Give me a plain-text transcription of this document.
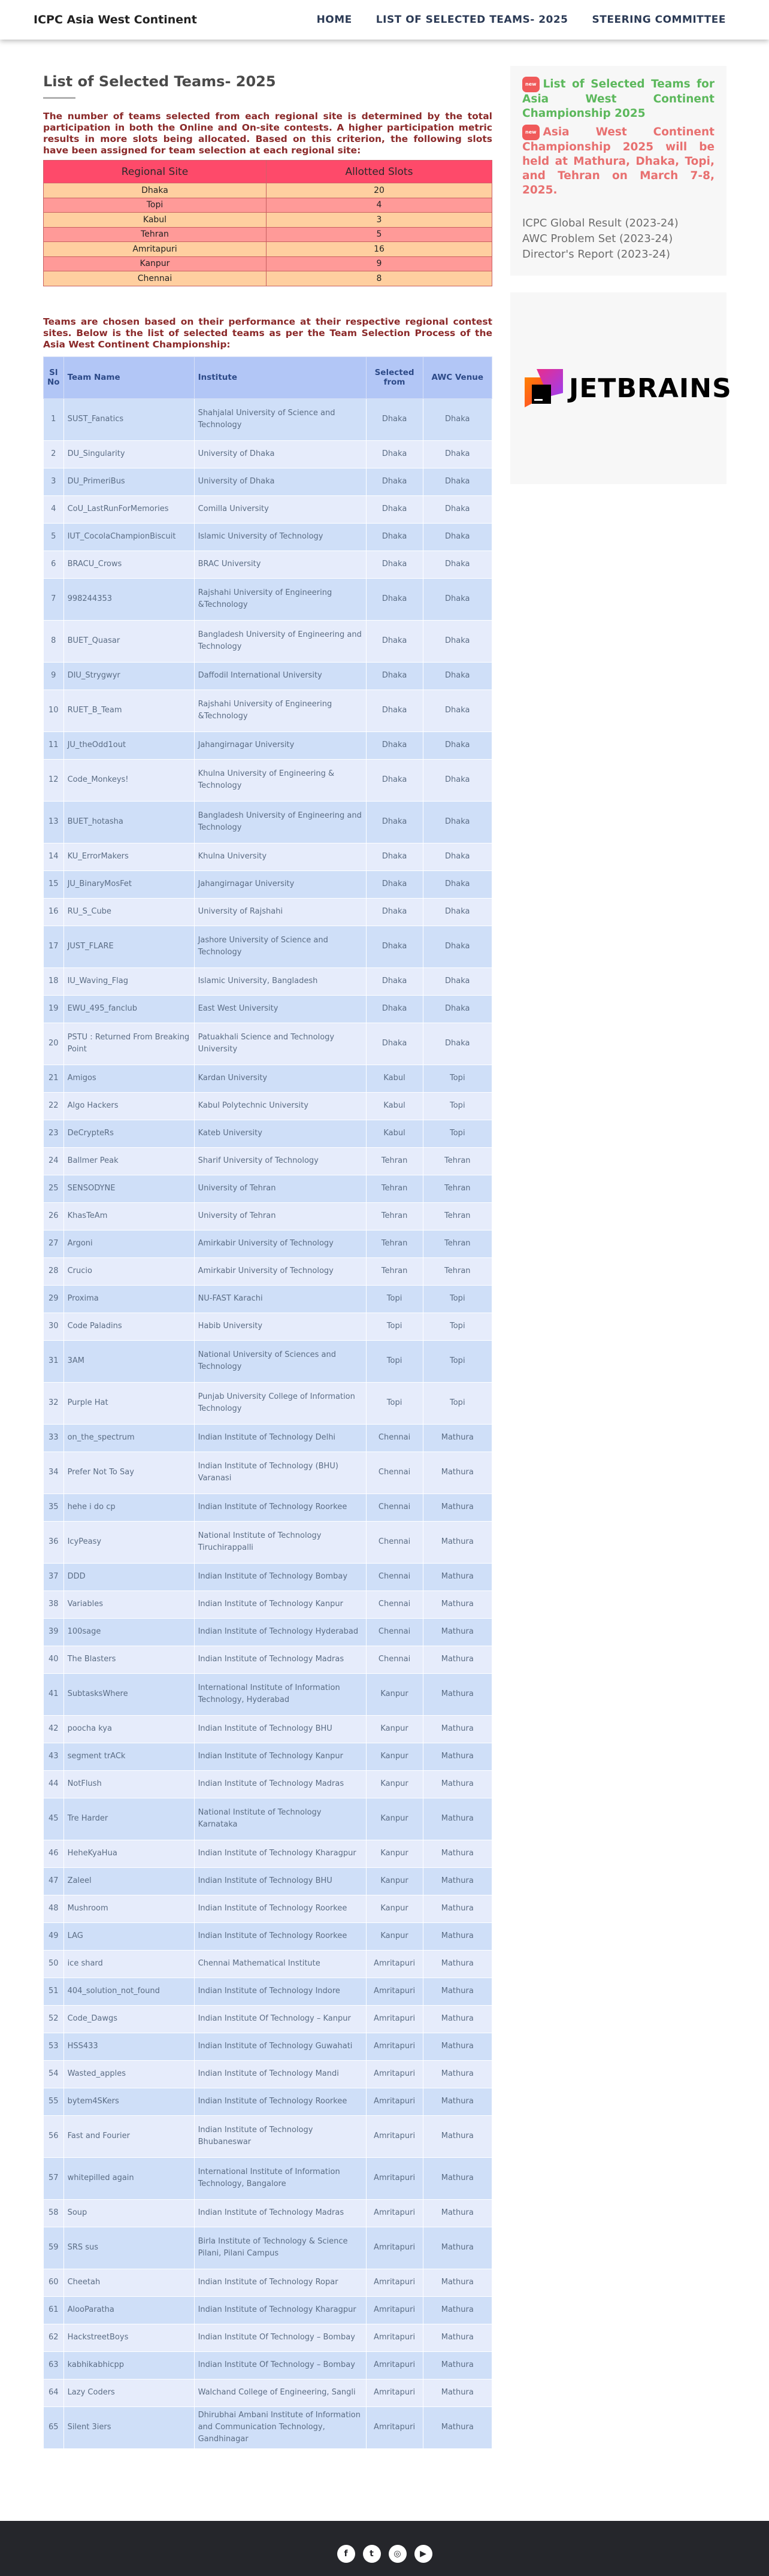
ICPC Asia West Continent	HOME LIST OF SELECTED TEAMS- 2025 STEERING COMMITTEE
List of Selected Teams- 2025

The number of teams selected from each regional site is determined by the total participation in both the Online and On-site contests. A higher participation metric results in more slots being allocated. Based on this criterion, the following slots have been assigned for team selection at each regional site:

Regional Site	Allotted Slots
Dhaka	20
Topi	4
Kabul	3
Tehran	5
Amritapuri	16
Kanpur	9
Chennai	8

Teams are chosen based on their performance at their respective regional contest sites. Below is the list of selected teams as per the Team Selection Process of the Asia West Continent Championship:

Sl No	Team Name	Institute	Selected from	AWC Venue
1	SUST_Fanatics	Shahjalal University of Science and Technology	Dhaka	Dhaka
2	DU_Singularity	University of Dhaka	Dhaka	Dhaka
3	DU_PrimeriBus	University of Dhaka	Dhaka	Dhaka
4	CoU_LastRunForMemories	Comilla University	Dhaka	Dhaka
5	IUT_CocolaChampionBiscuit	Islamic University of Technology	Dhaka	Dhaka
6	BRACU_Crows	BRAC University	Dhaka	Dhaka
7	998244353	Rajshahi University of Engineering &Technology	Dhaka	Dhaka
8	BUET_Quasar	Bangladesh University of Engineering and Technology	Dhaka	Dhaka
9	DIU_Strygwyr	Daffodil International University	Dhaka	Dhaka
10	RUET_B_Team	Rajshahi University of Engineering &Technology	Dhaka	Dhaka
11	JU_theOdd1out	Jahangirnagar University	Dhaka	Dhaka
12	Code_Monkeys!	Khulna University of Engineering & Technology	Dhaka	Dhaka
13	BUET_hotasha	Bangladesh University of Engineering and Technology	Dhaka	Dhaka
14	KU_ErrorMakers	Khulna University	Dhaka	Dhaka
15	JU_BinaryMosFet	Jahangirnagar University	Dhaka	Dhaka
16	RU_S_Cube	University of Rajshahi	Dhaka	Dhaka
17	JUST_FLARE	Jashore University of Science and Technology	Dhaka	Dhaka
18	IU_Waving_Flag	Islamic University, Bangladesh	Dhaka	Dhaka
19	EWU_495_fanclub	East West University	Dhaka	Dhaka
20	PSTU : Returned From Breaking Point	Patuakhali Science and Technology University	Dhaka	Dhaka
21	Amigos	Kardan University	Kabul	Topi
22	Algo Hackers	Kabul Polytechnic University	Kabul	Topi
23	DeCrypteRs	Kateb University	Kabul	Topi
24	Ballmer Peak	Sharif University of Technology	Tehran	Tehran
25	SENSODYNE	University of Tehran	Tehran	Tehran
26	KhasTeAm	University of Tehran	Tehran	Tehran
27	Argoni	Amirkabir University of Technology	Tehran	Tehran
28	Crucio	Amirkabir University of Technology	Tehran	Tehran
29	Proxima	NU-FAST Karachi	Topi	Topi
30	Code Paladins	Habib University	Topi	Topi
31	3AM	National University of Sciences and Technology	Topi	Topi
32	Purple Hat	Punjab University College of Information Technology	Topi	Topi
33	on_the_spectrum	Indian Institute of Technology Delhi	Chennai	Mathura
34	Prefer Not To Say	Indian Institute of Technology (BHU) Varanasi	Chennai	Mathura
35	hehe i do cp	Indian Institute of Technology Roorkee	Chennai	Mathura
36	IcyPeasy	National Institute of Technology Tiruchirappalli	Chennai	Mathura
37	DDD	Indian Institute of Technology Bombay	Chennai	Mathura
38	Variables	Indian Institute of Technology Kanpur	Chennai	Mathura
39	100sage	Indian Institute of Technology Hyderabad	Chennai	Mathura
40	The Blasters	Indian Institute of Technology Madras	Chennai	Mathura
41	SubtasksWhere	International Institute of Information Technology, Hyderabad	Kanpur	Mathura
42	poocha kya	Indian Institute of Technology BHU	Kanpur	Mathura
43	segment trACk	Indian Institute of Technology Kanpur	Kanpur	Mathura
44	NotFlush	Indian Institute of Technology Madras	Kanpur	Mathura
45	Tre Harder	National Institute of Technology Karnataka	Kanpur	Mathura
46	HeheKyaHua	Indian Institute of Technology Kharagpur	Kanpur	Mathura
47	Zaleel	Indian Institute of Technology BHU	Kanpur	Mathura
48	Mushroom	Indian Institute of Technology Roorkee	Kanpur	Mathura
49	LAG	Indian Institute of Technology Roorkee	Kanpur	Mathura
50	ice shard	Chennai Mathematical Institute	Amritapuri	Mathura
51	404_solution_not_found	Indian Institute of Technology Indore	Amritapuri	Mathura
52	Code_Dawgs	Indian Institute Of Technology – Kanpur	Amritapuri	Mathura
53	HSS433	Indian Institute of Technology Guwahati	Amritapuri	Mathura
54	Wasted_apples	Indian Institute of Technology Mandi	Amritapuri	Mathura
55	bytem4SKers	Indian Institute of Technology Roorkee	Amritapuri	Mathura
56	Fast and Fourier	Indian Institute of Technology Bhubaneswar	Amritapuri	Mathura
57	whitepilled again	International Institute of Information Technology, Bangalore	Amritapuri	Mathura
58	Soup	Indian Institute of Technology Madras	Amritapuri	Mathura
59	SRS sus	Birla Institute of Technology & Science Pilani, Pilani Campus	Amritapuri	Mathura
60	Cheetah	Indian Institute of Technology Ropar	Amritapuri	Mathura
61	AlooParatha	Indian Institute of Technology Kharagpur	Amritapuri	Mathura
62	HackstreetBoys	Indian Institute Of Technology – Bombay	Amritapuri	Mathura
63	kabhikabhicpp	Indian Institute Of Technology – Bombay	Amritapuri	Mathura
64	Lazy Coders	Walchand College of Engineering, Sangli	Amritapuri	Mathura
65	Silent 3iers	Dhirubhai Ambani Institute of Information and Communication Technology, Gandhinagar	Amritapuri	Mathura
new List of Selected Teams for Asia West Continent Championship 2025
new Asia West Continent Championship 2025 will be held at Mathura, Dhaka, Topi, and Tehran on March 7-8, 2025.
ICPC Global Result (2023-24)
AWC Problem Set (2023-24)
Director's Report (2023-24)
JETBRAINS
f	t	◎	▶
